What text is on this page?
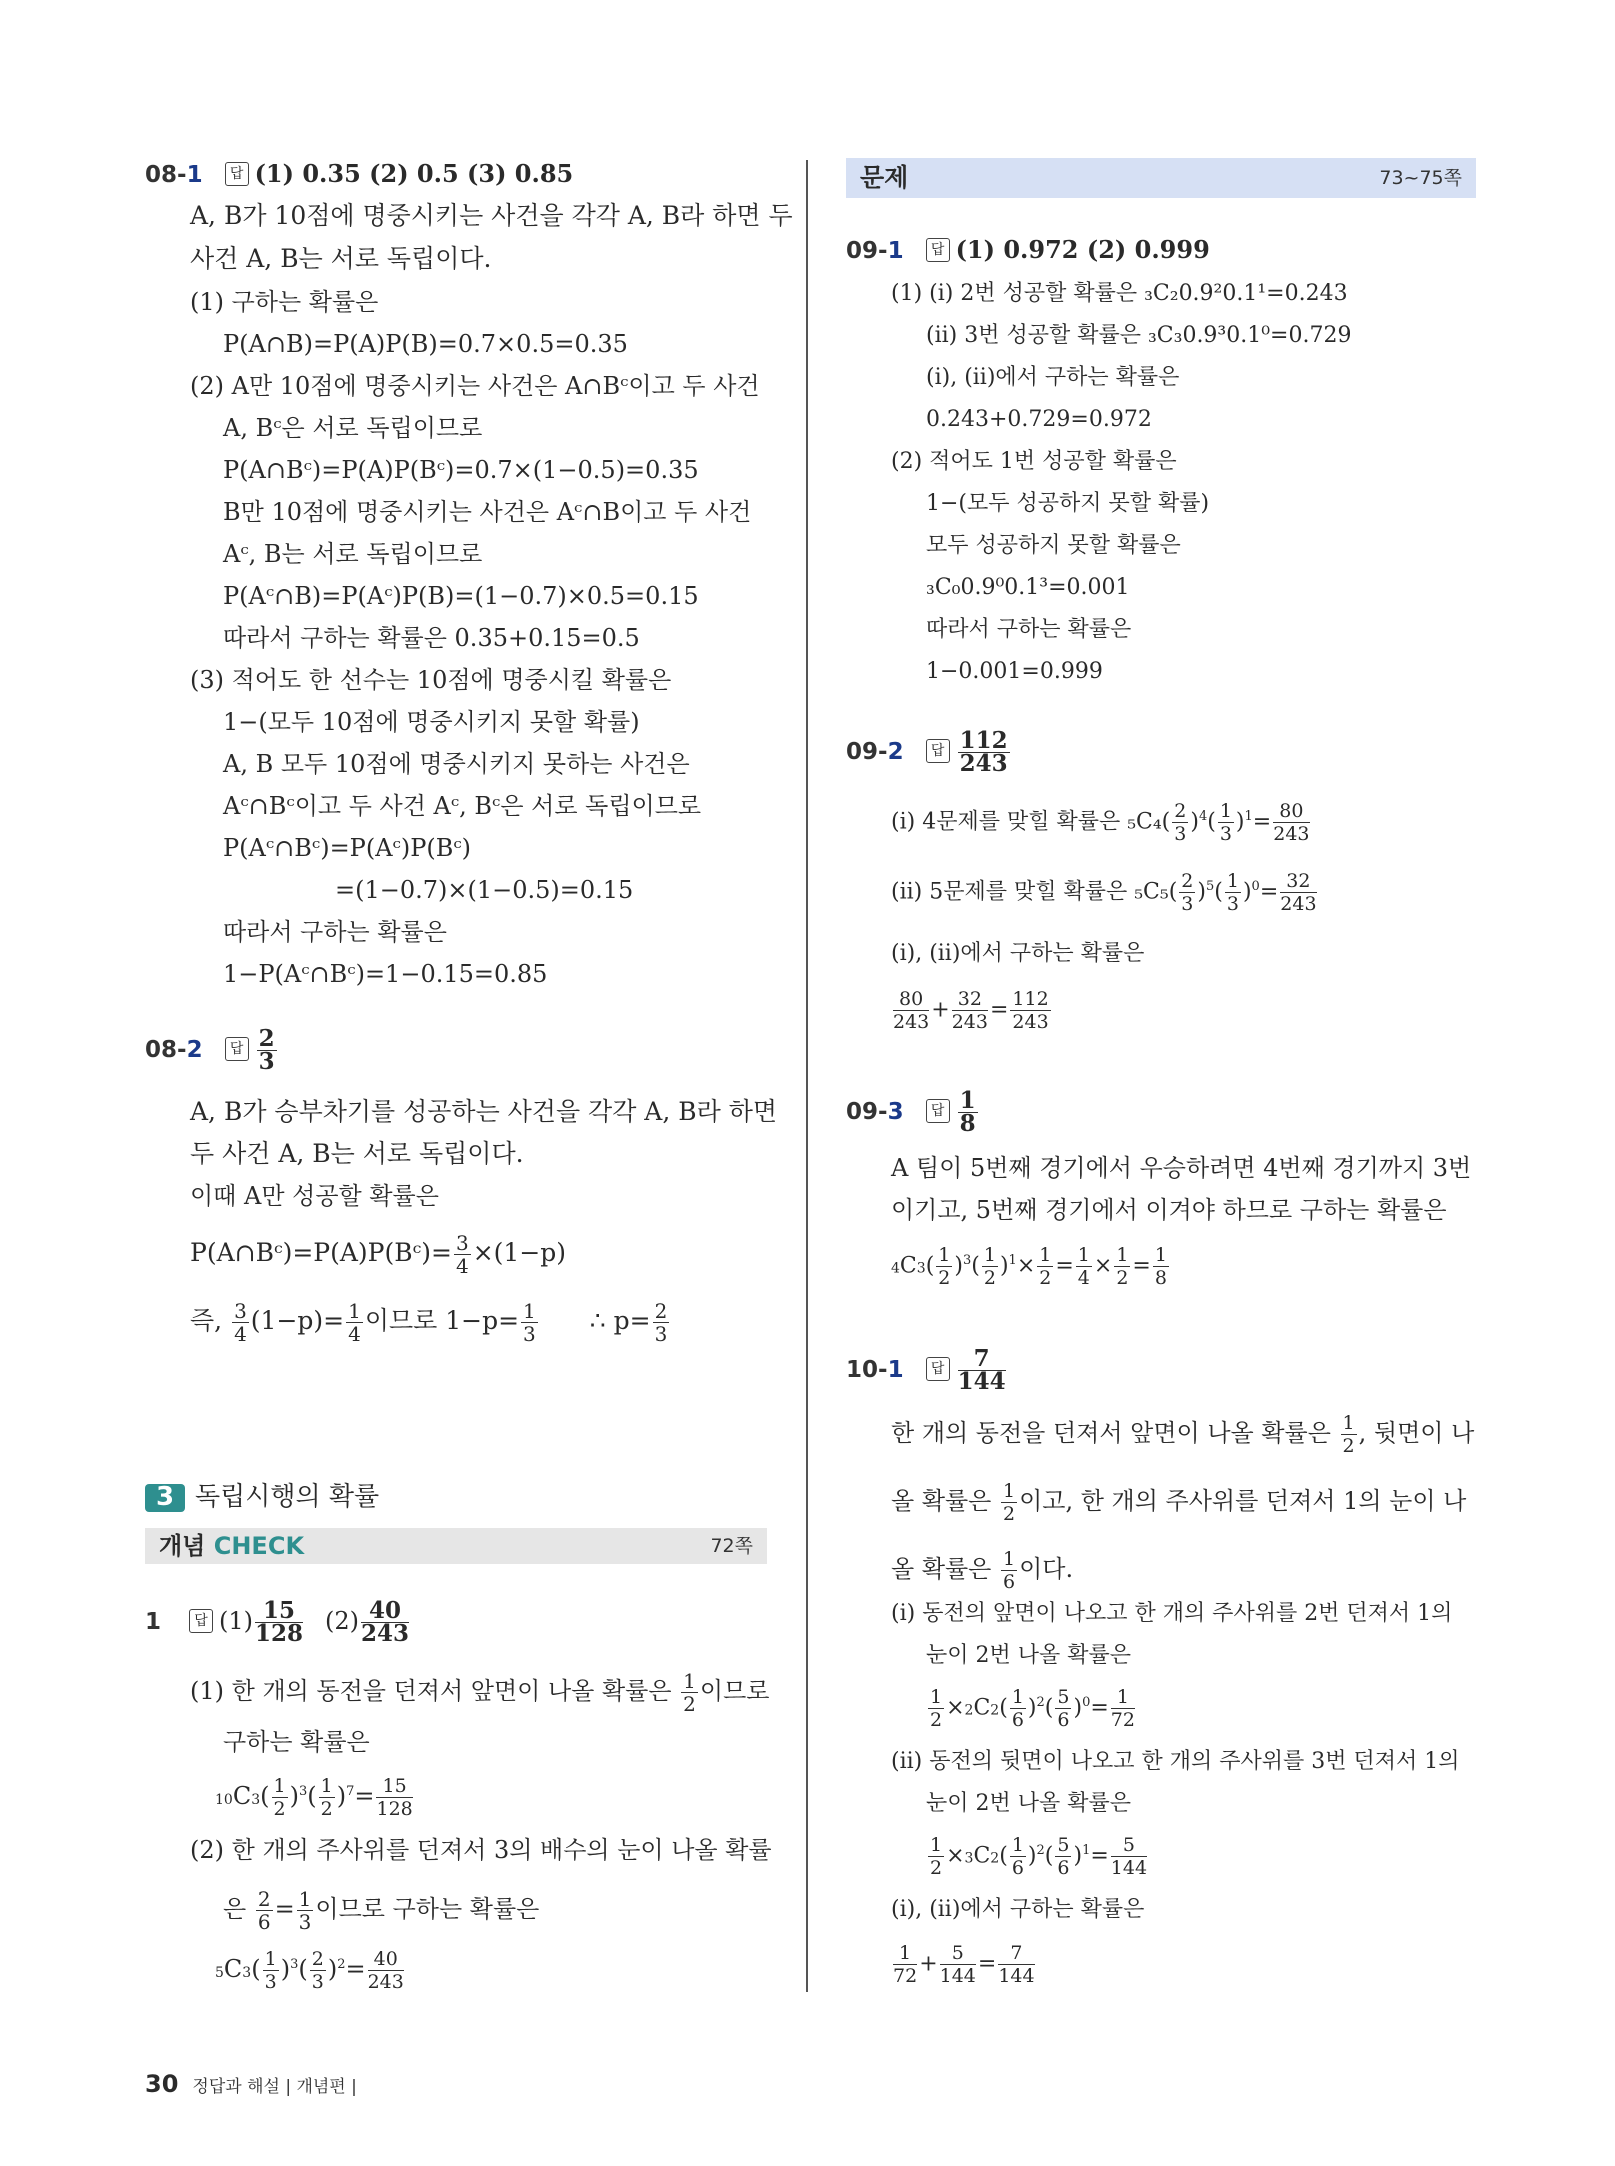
08-1 답 (1) 0.35 (2) 0.5 (3) 0.85
A, B가 10점에 명중시키는 사건을 각각 A, B라 하면 두
사건 A, B는 서로 독립이다.
(1) 구하는 확률은
P(A∩B)=P(A)P(B)=0.7×0.5=0.35
(2) A만 10점에 명중시키는 사건은 A∩Bᶜ이고 두 사건
A, Bᶜ은 서로 독립이므로
P(A∩Bᶜ)=P(A)P(Bᶜ)=0.7×(1−0.5)=0.35
B만 10점에 명중시키는 사건은 Aᶜ∩B이고 두 사건
Aᶜ, B는 서로 독립이므로
P(Aᶜ∩B)=P(Aᶜ)P(B)=(1−0.7)×0.5=0.15
따라서 구하는 확률은 0.35+0.15=0.5
(3) 적어도 한 선수는 10점에 명중시킬 확률은
1−(모두 10점에 명중시키지 못할 확률)
A, B 모두 10점에 명중시키지 못하는 사건은
Aᶜ∩Bᶜ이고 두 사건 Aᶜ, Bᶜ은 서로 독립이므로
P(Aᶜ∩Bᶜ)=P(Aᶜ)P(Bᶜ)
=(1−0.7)×(1−0.5)=0.15
따라서 구하는 확률은
1−P(Aᶜ∩Bᶜ)=1−0.15=0.85
08-2 답 $\frac{2}{3}$
A, B가 승부차기를 성공하는 사건을 각각 A, B라 하면
두 사건 A, B는 서로 독립이다.
이때 A만 성공할 확률은
P(A∩Bᶜ)=P(A)P(Bᶜ)= $\frac{3}{4} \times(1-p)$
즉, $\frac{3}{4} (1-p)= \frac{1}{4}$ 이므로 $1-p= \frac{1}{3}$ ∴ $p= \frac{2}{3}$
3독립시행의 확률
개념 CHECK	72쪽
1 답 $(1) \frac{15}{128} (2) \frac{40}{243}$
(1) 한 개의 동전을 던져서 앞면이 나올 확률은 $\frac{1}{2}$ 이므로
구하는 확률은
$10C3( \frac{1}{2} )^3( \frac{1}{2} )^7= \frac{15}{128}$
(2) 한 개의 주사위를 던져서 3의 배수의 눈이 나올 확률
은 $\frac{2}{6} = \frac{1}{3}$ 이므로 구하는 확률은
$5C3( \frac{1}{3} )^3( \frac{2}{3} )^2= \frac{40}{243}$
문제	73~75쪽
09-1 답 (1) 0.972 (2) 0.999
(1) (i) 2번 성공할 확률은 ₃C₂0.9²0.1¹=0.243
(ii) 3번 성공할 확률은 ₃C₃0.9³0.1⁰=0.729
(i), (ii)에서 구하는 확률은
0.243+0.729=0.972
(2) 적어도 1번 성공할 확률은
1−(모두 성공하지 못할 확률)
모두 성공하지 못할 확률은
₃C₀0.9⁰0.1³=0.001
따라서 구하는 확률은
1−0.001=0.999
09-2 답 $\frac{112}{243}$
(i) 4문제를 맞힐 확률은 $_5C_4( \frac{2}{3} )^4( \frac{1}{3} )^1= \frac{80}{243}$
(ii) 5문제를 맞힐 확률은 $_5C_5( \frac{2}{3} )^5( \frac{1}{3} )^0= \frac{32}{243}$
(i), (ii)에서 구하는 확률은
$\frac{80}{243} + \frac{32}{243} = \frac{112}{243}$
09-3 답 $\frac{1}{8}$
A 팀이 5번째 경기에서 우승하려면 4번째 경기까지 3번
이기고, 5번째 경기에서 이겨야 하므로 구하는 확률은
$4C3( \frac{1}{2} )^3( \frac{1}{2} )^1\times \frac{1}{2} = \frac{1}{4} \times \frac{1}{2} = \frac{1}{8}$
10-1 답 $\frac{7}{144}$
한 개의 동전을 던져서 앞면이 나올 확률은 $\frac{1}{2}$ , 뒷면이 나
올 확률은 $\frac{1}{2}$ 이고, 한 개의 주사위를 던져서 1의 눈이 나
올 확률은 $\frac{1}{6}$ 이다.
(i) 동전의 앞면이 나오고 한 개의 주사위를 2번 던져서 1의
눈이 2번 나올 확률은
$\frac{1}{2} \times 2C2( \frac{1}{6} )^2( \frac{5}{6} )^0= \frac{1}{72}$
(ii) 동전의 뒷면이 나오고 한 개의 주사위를 3번 던져서 1의
눈이 2번 나올 확률은
$\frac{1}{2} \times 3C2( \frac{1}{6} )^2( \frac{5}{6} )^1= \frac{5}{144}$
(i), (ii)에서 구하는 확률은
$\frac{1}{72} + \frac{5}{144} = \frac{7}{144}$
30 정답과 해설 | 개념편 |
